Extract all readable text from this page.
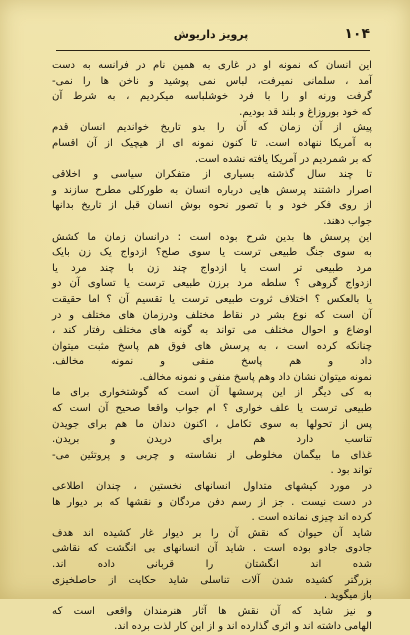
۱۰۴
پرویز داریوش

این انسان که نمونه او در غاری به همین نام در فرانسه به دست
آمد ، سلمانی نمیرفت، لباس نمی پوشید و ناخن ها را نمی-
گرفت ورنه او را با فرد خوشلباسه میکردیم ، به شرط آن
که خود بوروزاغ و بلند قد بودیم.

پیش از آن زمان که آن را بدو تاریخ خواندیم انسان قدم
به آمریکا ننهاده است. تا کنون نمونه ای از هیچیک از آن اقسام
که بر شمردیم در آمریکا یافته نشده است.

تا چند سال گذشته بسیاری از متفکران سیاسی و اخلاقی
اصرار داشتند پرسش هایی درباره انسان به طورکلی مطرح سازند و
از روی فکر خود و با تصور نحوه بوش انسان قبل از تاریخ بدانها
جواب دهند.

این پرسش ها بدین شرح بوده است : درانسان زمان ما کشش
به سوی جنگ طبیعی ترست یا سوی صلح؟ ازدواج یک زن بایک
مرد طبیعی تر است یا ازدواج چند زن با چند مرد یا
ازدواج گروهی ؟ سلطه مرد برزن طبیعی ترست یا تساوی آن دو
یا بالعکس ؟ اختلاف ثروت طبیعی ترست یا تقسیم آن ؟ اما حقیقت
آن است که نوع بشر در نقاط مختلف ودرزمان های مختلف و در
اوضاع و احوال مختلف می تواند به گونه های مختلف رفتار کند ،
چنانکه کرده است ، به پرسش های فوق هم پاسخ مثبت میتوان
داد و هم پاسخ منفی و نمونه مخالف.
نمونه میتوان نشان داد وهم پاسخ منفی و نمونه مخالف.

به کی دیگر از این پرسشها آن است که گوشتخواری برای ما
طبیعی ترست یا علف خواری ؟ ام جواب واقعا صحیح آن است که
پس از تحولها به سوی تکامل ، اکنون دندان ما هم برای جویدن
تناسب دارد هم برای دریدن و بریدن.
غذای ما بیگمان مخلوطی از نشاسته و چربی و پروتئین می-
تواند بود .

در مورد کیشهای متداول انسانهای نخستین ، چندان اطلاعی
در دست نیست . جز از رسم دفن مردگان و نقشها که بر دیوار ها
کرده اند چیزی نمانده است .

شاید آن حیوان که نقش آن را بر دیوار غار کشیده اند هدف
جادوی جادو بوده است . شاید آن انسانهای بی انگشت که نقاشی
شده اند انگشتان را قربانی داده اند.
بزرگتر کشیده شدن آلات تناسلی شاید حکایت از حاصلخیزی
باز میگوید .

و نیز شاید که آن نقش ها آثار هنرمندان واقعی است که
الهامی داشته اند و اثری گذارده اند و از این کار لذت برده اند.
